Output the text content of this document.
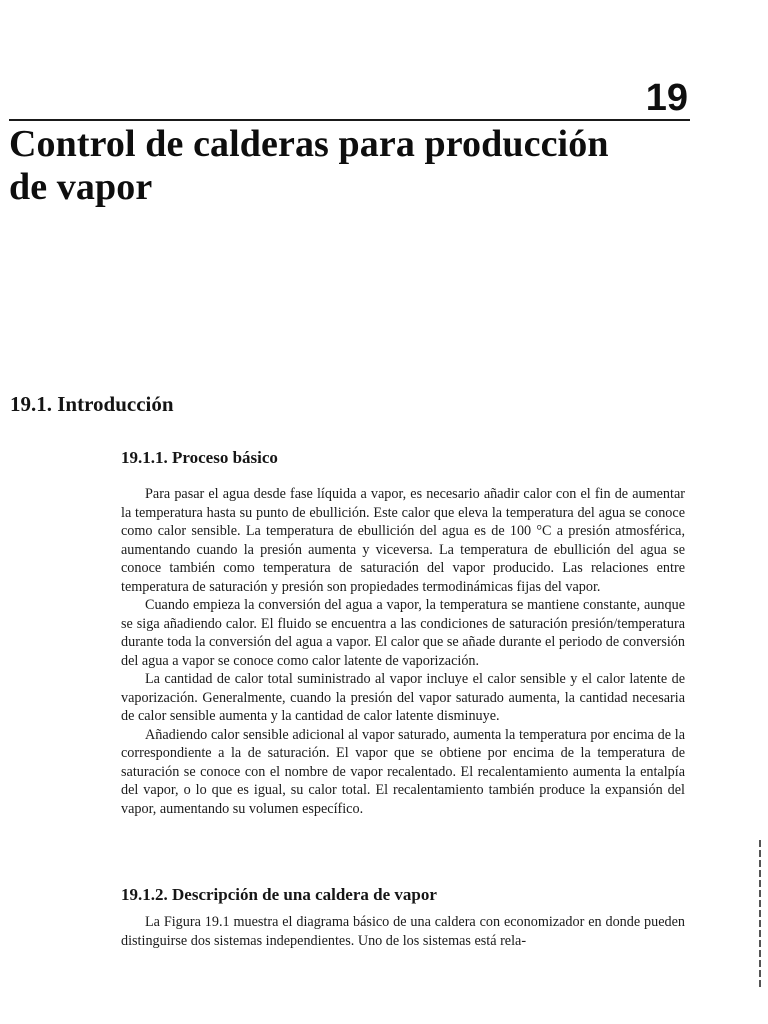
19
Control de calderas para producción
de vapor
19.1. Introducción
19.1.1. Proceso básico

Para pasar el agua desde fase líquida a vapor, es necesario añadir calor con el fin de aumentar la temperatura hasta su punto de ebullición. Este calor que eleva la temperatura del agua se conoce como calor sensible. La temperatura de ebullición del agua es de 100 °C a presión atmosférica, aumentando cuando la presión aumenta y viceversa. La temperatura de ebullición del agua se conoce también como temperatura de saturación del vapor producido. Las relaciones entre temperatura de saturación y presión son propiedades termodinámicas fijas del vapor.

Cuando empieza la conversión del agua a vapor, la temperatura se mantiene constante, aunque se siga añadiendo calor. El fluido se encuentra a las condiciones de saturación presión/temperatura durante toda la conversión del agua a vapor. El calor que se añade durante el periodo de conversión del agua a vapor se conoce como calor latente de vaporización.

La cantidad de calor total suministrado al vapor incluye el calor sensible y el calor latente de vaporización. Generalmente, cuando la presión del vapor saturado aumenta, la cantidad necesaria de calor sensible aumenta y la cantidad de calor latente disminuye.

Añadiendo calor sensible adicional al vapor saturado, aumenta la temperatura por encima de la correspondiente a la de saturación. El vapor que se obtiene por encima de la temperatura de saturación se conoce con el nombre de vapor recalentado. El recalentamiento aumenta la entalpía del vapor, o lo que es igual, su calor total. El recalentamiento también produce la expansión del vapor, aumentando su volumen específico.

19.1.2. Descripción de una caldera de vapor

La Figura 19.1 muestra el diagrama básico de una caldera con economizador en donde pueden distinguirse dos sistemas independientes. Uno de los sistemas está rela-
